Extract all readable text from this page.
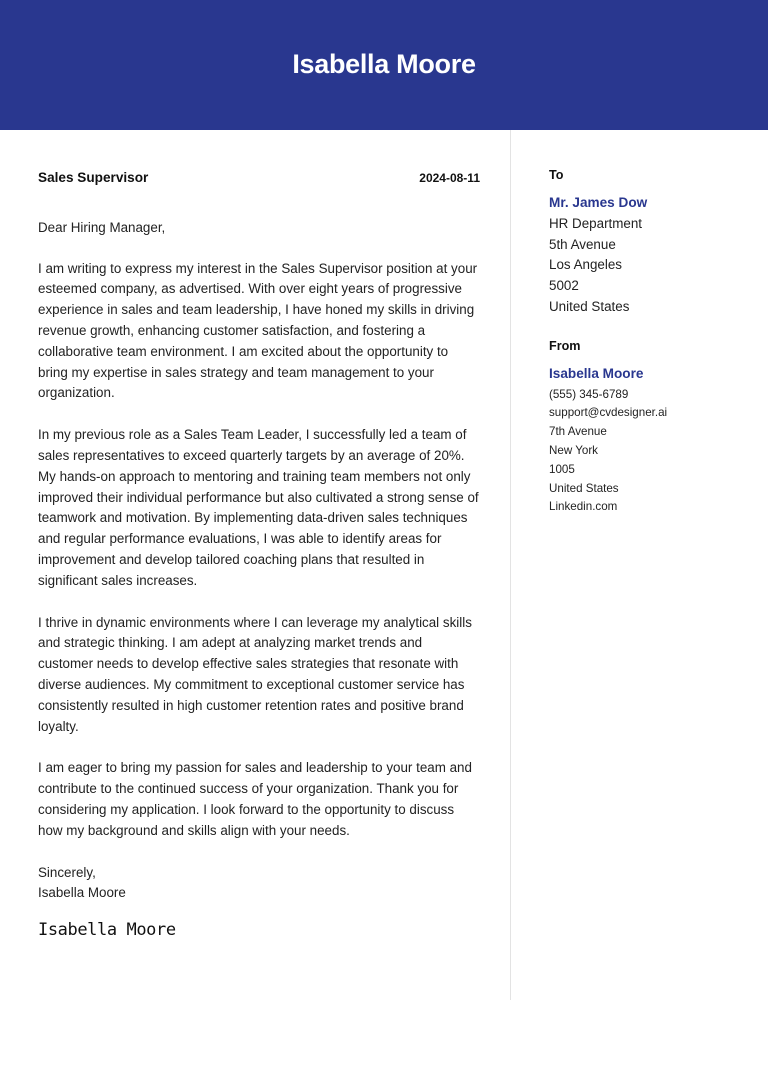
Isabella Moore
Sales Supervisor	2024-08-11

Dear Hiring Manager,

I am writing to express my interest in the Sales Supervisor position at your esteemed company, as advertised. With over eight years of progressive experience in sales and team leadership, I have honed my skills in driving revenue growth, enhancing customer satisfaction, and fostering a collaborative team environment. I am excited about the opportunity to bring my expertise in sales strategy and team management to your organization.

In my previous role as a Sales Team Leader, I successfully led a team of sales representatives to exceed quarterly targets by an average of 20%. My hands-on approach to mentoring and training team members not only improved their individual performance but also cultivated a strong sense of teamwork and motivation. By implementing data-driven sales techniques and regular performance evaluations, I was able to identify areas for improvement and develop tailored coaching plans that resulted in significant sales increases.

I thrive in dynamic environments where I can leverage my analytical skills and strategic thinking. I am adept at analyzing market trends and customer needs to develop effective sales strategies that resonate with diverse audiences. My commitment to exceptional customer service has consistently resulted in high customer retention rates and positive brand loyalty.

I am eager to bring my passion for sales and leadership to your team and contribute to the continued success of your organization. Thank you for considering my application. I look forward to the opportunity to discuss how my background and skills align with your needs.

Sincerely,

Isabella Moore

Isabella Moore
To
Mr. James Dow
HR Department
5th Avenue
Los Angeles
5002
United States
From
Isabella Moore
(555) 345-6789
support@cvdesigner.ai
7th Avenue
New York
1005
United States
Linkedin.com
